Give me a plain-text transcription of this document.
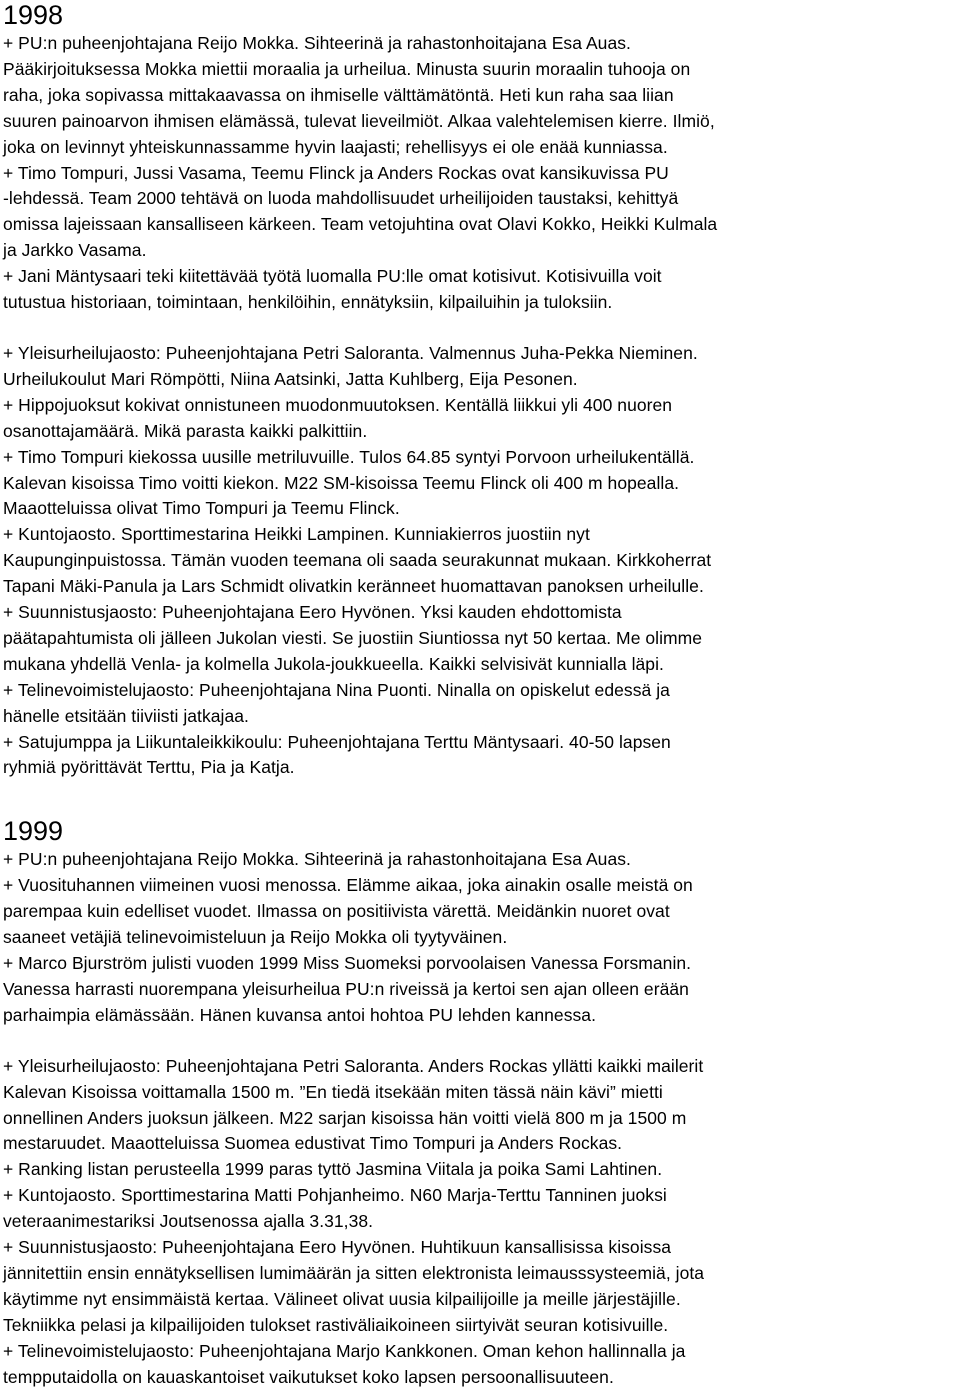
1998

+ PU:n puheenjohtajana Reijo Mokka. Sihteerinä ja rahastonhoitajana Esa Auas.
Pääkirjoituksessa Mokka miettii moraalia ja urheilua. Minusta suurin moraalin tuhooja on
raha, joka sopivassa mittakaavassa on ihmiselle välttämätöntä. Heti kun raha saa liian
suuren painoarvon ihmisen elämässä, tulevat lieveilmiöt. Alkaa valehtelemisen kierre. Ilmiö,
joka on levinnyt yhteiskunnassamme hyvin laajasti; rehellisyys ei ole enää kunniassa.
+ Timo Tompuri, Jussi Vasama, Teemu Flinck ja Anders Rockas ovat kansikuvissa PU
-lehdessä. Team 2000 tehtävä on luoda mahdollisuudet urheilijoiden taustaksi, kehittyä
omissa lajeissaan kansalliseen kärkeen. Team vetojuhtina ovat Olavi Kokko, Heikki Kulmala
ja Jarkko Vasama.
+ Jani Mäntysaari teki kiitettävää työtä luomalla PU:lle omat kotisivut. Kotisivuilla voit
tutustua historiaan, toimintaan, henkilöihin, ennätyksiin, kilpailuihin ja tuloksiin.

+ Yleisurheilujaosto: Puheenjohtajana Petri Saloranta. Valmennus Juha-Pekka Nieminen.
Urheilukoulut Mari Römpötti, Niina Aatsinki, Jatta Kuhlberg, Eija Pesonen.
+ Hippojuoksut kokivat onnistuneen muodonmuutoksen. Kentällä liikkui yli 400 nuoren
osanottajamäärä. Mikä parasta kaikki palkittiin.
+ Timo Tompuri kiekossa uusille metriluvuille. Tulos 64.85 syntyi Porvoon urheilukentällä.
Kalevan kisoissa Timo voitti kiekon. M22 SM-kisoissa Teemu Flinck oli 400 m hopealla.
Maaotteluissa olivat Timo Tompuri ja Teemu Flinck.
+ Kuntojaosto. Sporttimestarina Heikki Lampinen. Kunniakierros juostiin nyt
Kaupunginpuistossa. Tämän vuoden teemana oli saada seurakunnat mukaan. Kirkkoherrat
Tapani Mäki-Panula ja Lars Schmidt olivatkin keränneet huomattavan panoksen urheilulle.
+ Suunnistusjaosto: Puheenjohtajana Eero Hyvönen. Yksi kauden ehdottomista
päätapahtumista oli jälleen Jukolan viesti. Se juostiin Siuntiossa nyt 50 kertaa. Me olimme
mukana yhdellä Venla- ja kolmella Jukola-joukkueella. Kaikki selvisivät kunnialla läpi.
+ Telinevoimistelujaosto: Puheenjohtajana Nina Puonti. Ninalla on opiskelut edessä ja
hänelle etsitään tiiviisti jatkajaa.
+ Satujumppa ja Liikuntaleikkikoulu: Puheenjohtajana Terttu Mäntysaari. 40-50 lapsen
ryhmiä pyörittävät Terttu, Pia ja Katja.

1999

+ PU:n puheenjohtajana Reijo Mokka. Sihteerinä ja rahastonhoitajana Esa Auas.
+ Vuosituhannen viimeinen vuosi menossa. Elämme aikaa, joka ainakin osalle meistä on
parempaa kuin edelliset vuodet. Ilmassa on positiivista värettä. Meidänkin nuoret ovat
saaneet vetäjiä telinevoimisteluun ja Reijo Mokka oli tyytyväinen.
+ Marco Bjurström julisti vuoden 1999 Miss Suomeksi porvoolaisen Vanessa Forsmanin.
Vanessa harrasti nuorempana yleisurheilua PU:n riveissä ja kertoi sen ajan olleen erään
parhaimpia elämässään. Hänen kuvansa antoi hohtoa PU lehden kannessa.

+ Yleisurheilujaosto: Puheenjohtajana Petri Saloranta. Anders Rockas yllätti kaikki mailerit
Kalevan Kisoissa voittamalla 1500 m. ”En tiedä itsekään miten tässä näin kävi” mietti
onnellinen Anders juoksun jälkeen. M22 sarjan kisoissa hän voitti vielä 800 m ja 1500 m
mestaruudet. Maaotteluissa Suomea edustivat Timo Tompuri ja Anders Rockas.
+ Ranking listan perusteella 1999 paras tyttö Jasmina Viitala ja poika Sami Lahtinen.
+ Kuntojaosto. Sporttimestarina Matti Pohjanheimo. N60 Marja-Terttu Tanninen juoksi
veteraanimestariksi Joutsenossa ajalla 3.31,38.
+ Suunnistusjaosto: Puheenjohtajana Eero Hyvönen. Huhtikuun kansallisissa kisoissa
jännitettiin ensin ennätyksellisen lumimäärän ja sitten elektronista leimausssysteemiä, jota
käytimme nyt ensimmäistä kertaa. Välineet olivat uusia kilpailijoille ja meille järjestäjille.
Tekniikka pelasi ja kilpailijoiden tulokset rastiväliaikoineen siirtyivät seuran kotisivuille.
+ Telinevoimistelujaosto: Puheenjohtajana Marjo Kankkonen. Oman kehon hallinnalla ja
tempputaidolla on kauaskantoiset vaikutukset koko lapsen persoonallisuuteen.
